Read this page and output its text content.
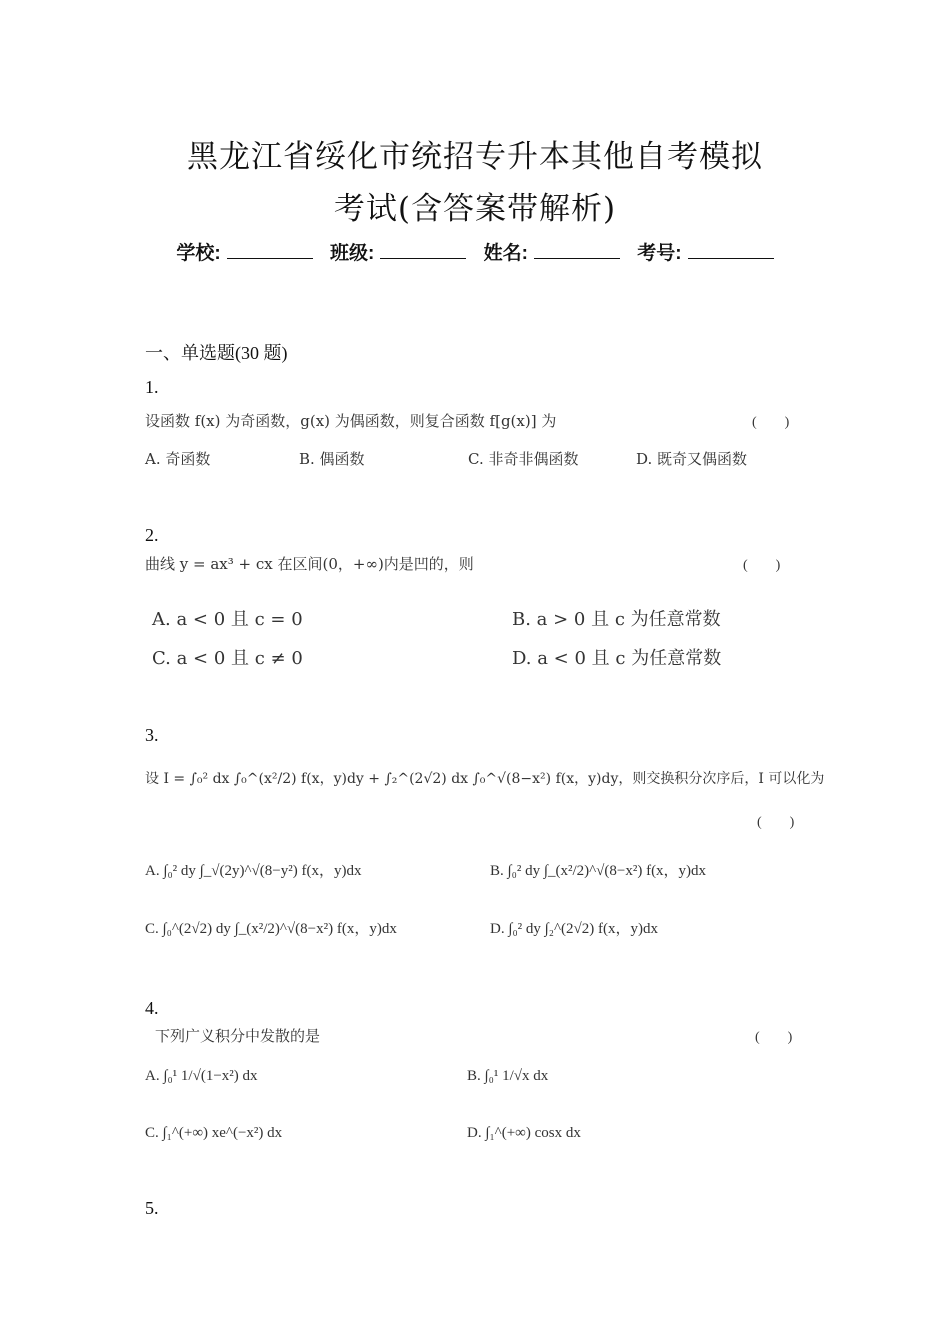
黑龙江省绥化市统招专升本其他自考模拟
考试(含答案带解析)
学校:	班级:	姓名:	考号:
一、单选题(30 题)
1.
设函数 f(x) 为奇函数，g(x) 为偶函数，则复合函数 f[g(x)] 为	(　　)
A. 奇函数	B. 偶函数	C. 非奇非偶函数	D. 既奇又偶函数
2.
曲线 y = ax³ + cx 在区间(0，+∞)内是凹的，则	(　　)
A. a < 0 且 c = 0	B. a > 0 且 c 为任意常数
C. a < 0 且 c ≠ 0	D. a < 0 且 c 为任意常数
3.
设 I = ∫₀² dx ∫₀^(x²/2) f(x，y)dy + ∫₂^(2√2) dx ∫₀^√(8−x²) f(x，y)dy，则交换积分次序后，I 可以化为
(　　)
A. ∫₀² dy ∫_√(2y)^√(8−y²) f(x，y)dx	B. ∫₀² dy ∫_(x²/2)^√(8−x²) f(x，y)dx
C. ∫₀^(2√2) dy ∫_(x²/2)^√(8−x²) f(x，y)dx	D. ∫₀² dy ∫₂^(2√2) f(x，y)dx
4.
下列广义积分中发散的是	(　　)
A. ∫₀¹ 1/√(1−x²) dx	B. ∫₀¹ 1/√x dx
C. ∫₁^(+∞) xe^(−x²) dx	D. ∫₁^(+∞) cosx dx
5.
